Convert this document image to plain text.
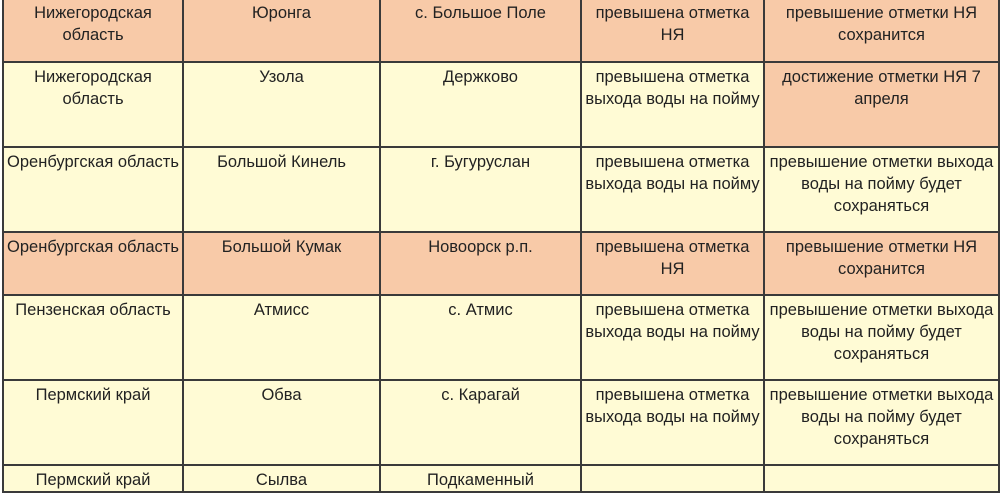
Нижегородская область	Юронга	с. Большое Поле	превышена отметка НЯ	превышение отметки НЯ сохранится
Нижегородская область	Узола	Держково	превышена отметка выхода воды на пойму	достижение отметки НЯ 7 апреля
Оренбургская область	Большой Кинель	г. Бугуруслан	превышена отметка выхода воды на пойму	превышение отметки выхода воды на пойму будет сохраняться
Оренбургская область	Большой Кумак	Новоорск р.п.	превышена отметка НЯ	превышение отметки НЯ сохранится
Пензенская область	Атмисс	с. Атмис	превышена отметка выхода воды на пойму	превышение отметки выхода воды на пойму будет сохраняться
Пермский край	Обва	с. Карагай	превышена отметка выхода воды на пойму	превышение отметки выхода воды на пойму будет сохраняться
Пермский край	Сылва	Подкаменный		
